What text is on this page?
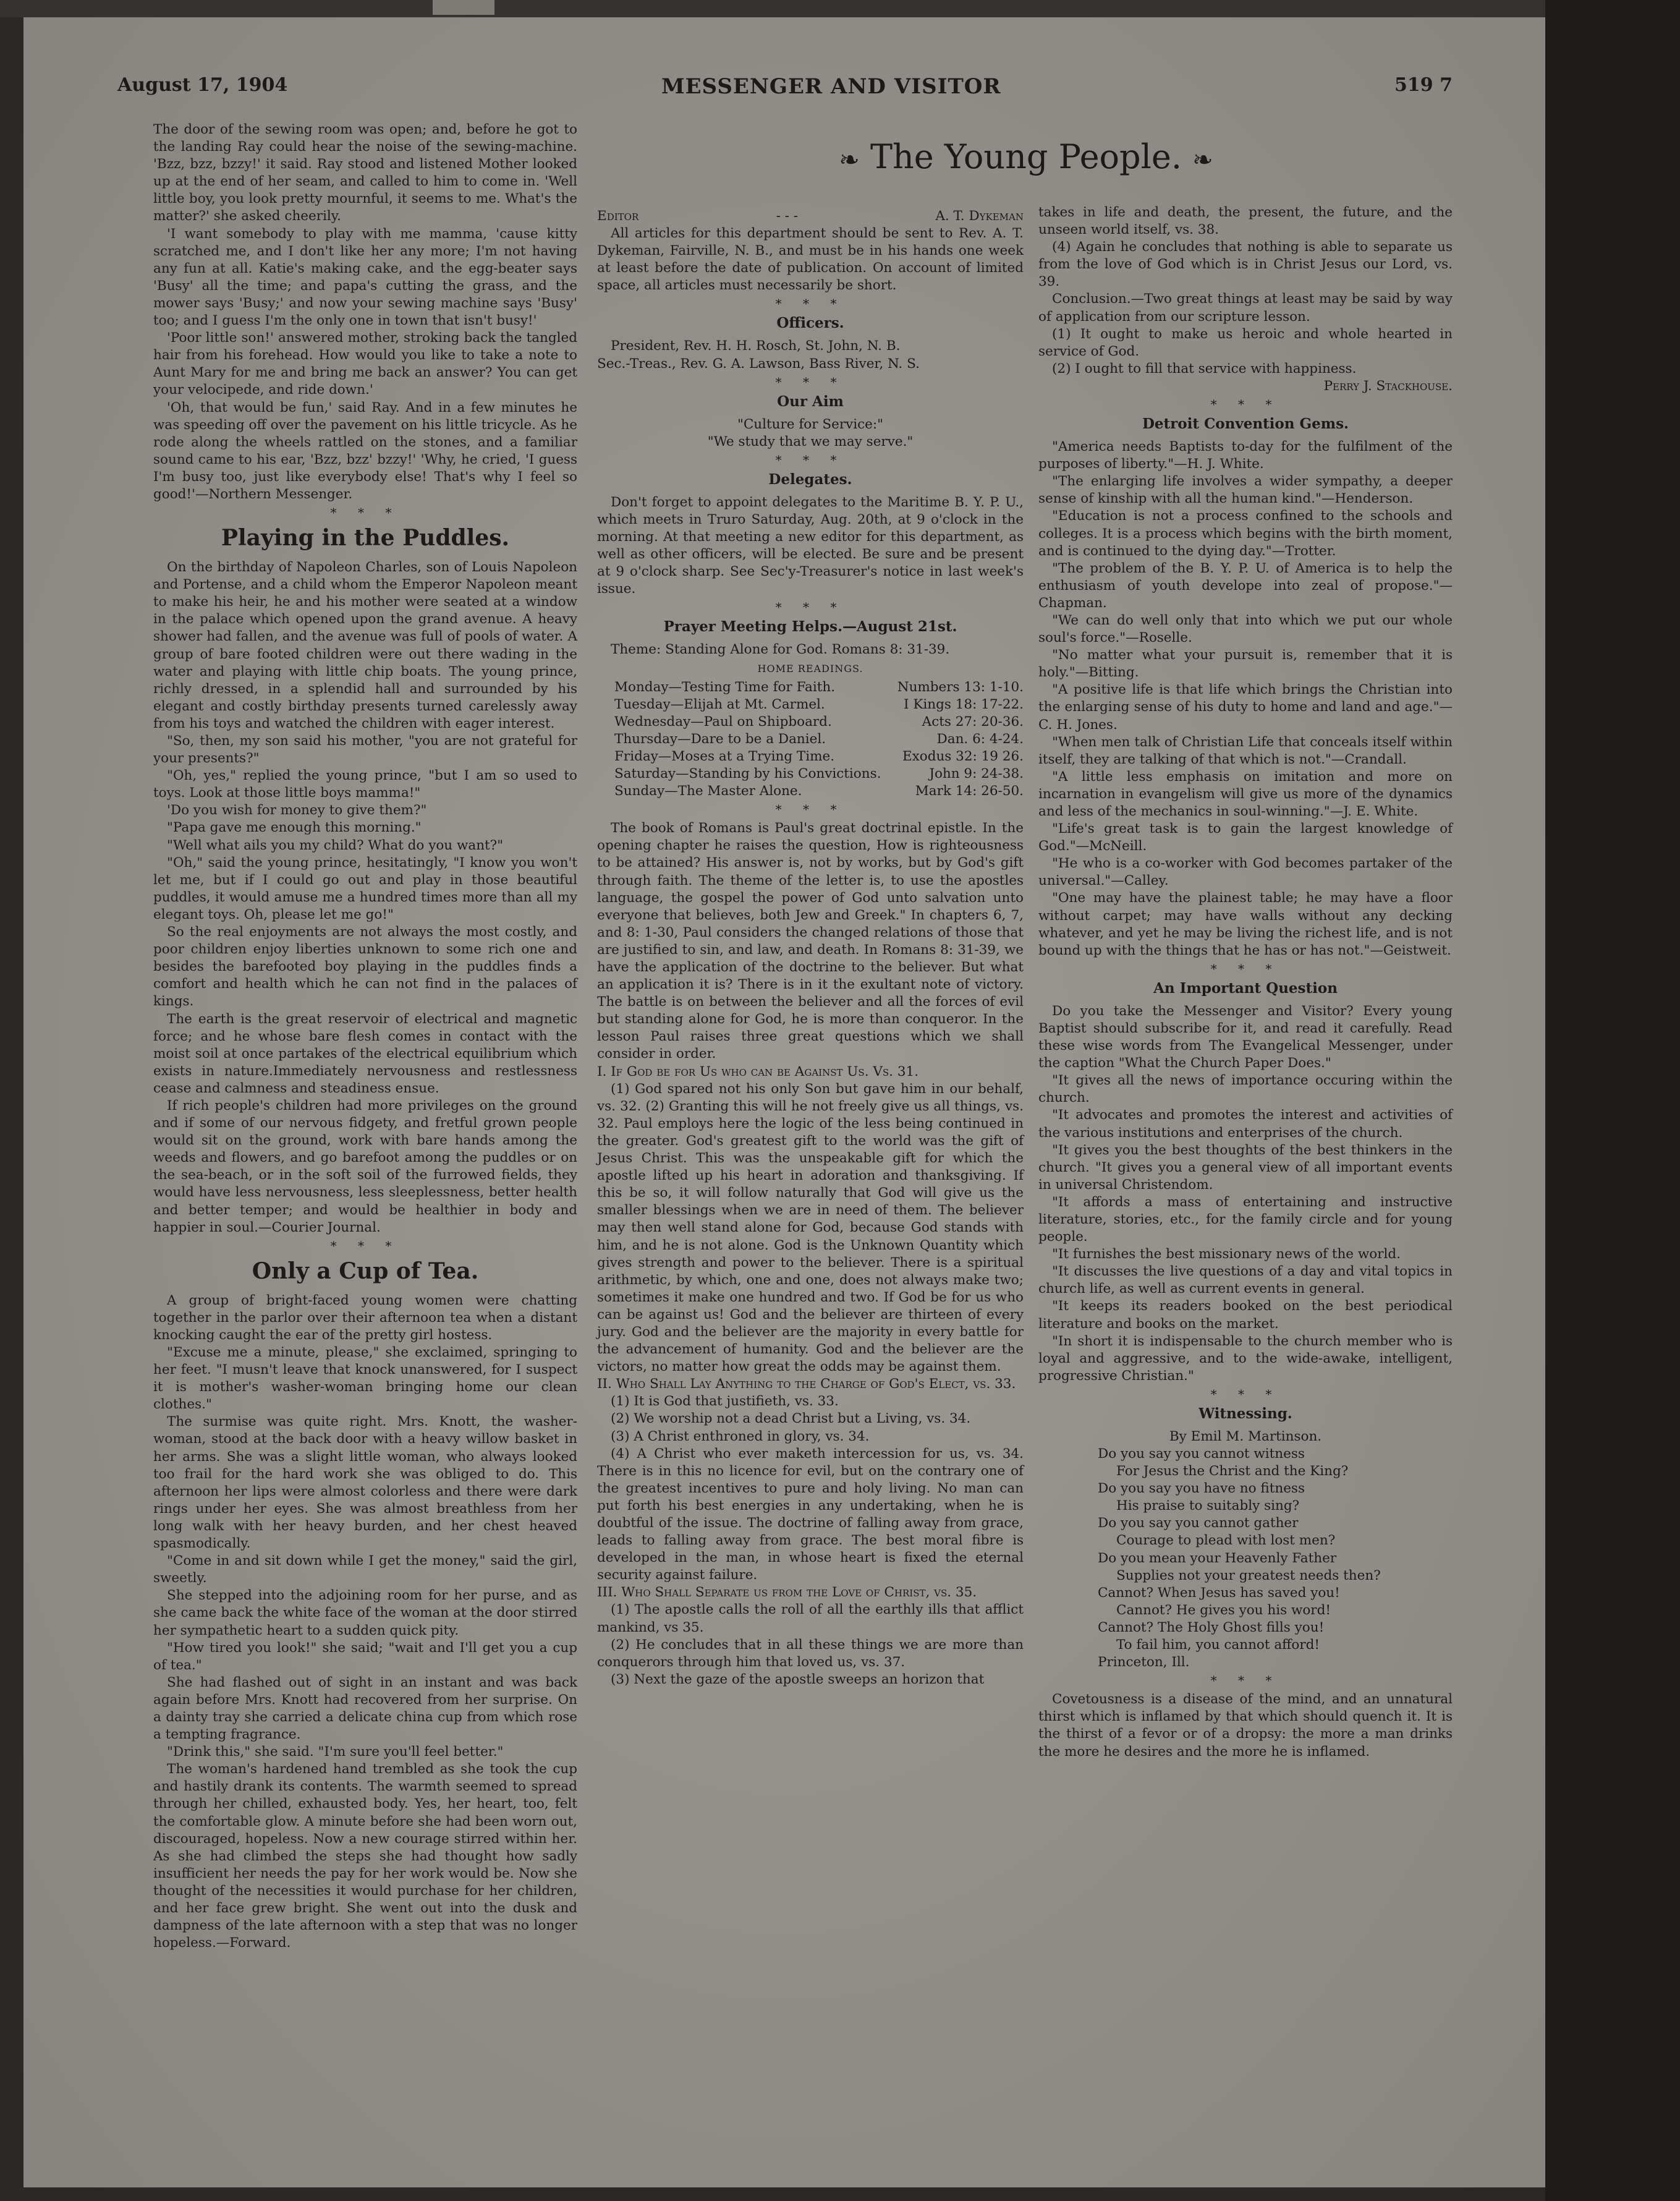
August 17, 1904	MESSENGER AND VISITOR	519 7
❧ The Young People. ❧

The door of the sewing room was open; and, before he got to the landing Ray could hear the noise of the sewing-machine. 'Bzz, bzz, bzzy!' it said. Ray stood and listened Mother looked up at the end of her seam, and called to him to come in. 'Well little boy, you look pretty mournful, it seems to me. What's the matter?' she asked cheerily.

'I want somebody to play with me mamma, 'cause kitty scratched me, and I don't like her any more; I'm not having any fun at all. Katie's making cake, and the egg-beater says 'Busy' all the time; and papa's cutting the grass, and the mower says 'Busy;' and now your sewing machine says 'Busy' too; and I guess I'm the only one in town that isn't busy!'

'Poor little son!' answered mother, stroking back the tangled hair from his forehead. How would you like to take a note to Aunt Mary for me and bring me back an answer? You can get your velocipede, and ride down.'

'Oh, that would be fun,' said Ray. And in a few minutes he was speeding off over the pavement on his little tricycle. As he rode along the wheels rattled on the stones, and a familiar sound came to his ear, 'Bzz, bzz' bzzy!' 'Why, he cried, 'I guess I'm busy too, just like everybody else! That's why I feel so good!'—Northern Messenger.

* * *
Playing in the Puddles.

On the birthday of Napoleon Charles, son of Louis Napoleon and Portense, and a child whom the Emperor Napoleon meant to make his heir, he and his mother were seated at a window in the palace which opened upon the grand avenue. A heavy shower had fallen, and the avenue was full of pools of water. A group of bare footed children were out there wading in the water and playing with little chip boats. The young prince, richly dressed, in a splendid hall and surrounded by his elegant and costly birthday presents turned carelessly away from his toys and watched the children with eager interest.

"So, then, my son said his mother, "you are not grateful for your presents?"

"Oh, yes," replied the young prince, "but I am so used to toys. Look at those little boys mamma!"

'Do you wish for money to give them?"

"Papa gave me enough this morning."

"Well what ails you my child? What do you want?"

"Oh," said the young prince, hesitatingly, "I know you won't let me, but if I could go out and play in those beautiful puddles, it would amuse me a hundred times more than all my elegant toys. Oh, please let me go!"

So the real enjoyments are not always the most costly, and poor children enjoy liberties unknown to some rich one and besides the barefooted boy playing in the puddles finds a comfort and health which he can not find in the palaces of kings.

The earth is the great reservoir of electrical and magnetic force; and he whose bare flesh comes in contact with the moist soil at once partakes of the electrical equilibrium which exists in nature.Immediately nervousness and restlessness cease and calmness and steadiness ensue.

If rich people's children had more privileges on the ground and if some of our nervous fidgety, and fretful grown people would sit on the ground, work with bare hands among the weeds and flowers, and go barefoot among the puddles or on the sea-beach, or in the soft soil of the furrowed fields, they would have less nervousness, less sleeplessness, better health and better temper; and would be healthier in body and happier in soul.—Courier Journal.

* * *
Only a Cup of Tea.

A group of bright-faced young women were chatting together in the parlor over their afternoon tea when a distant knocking caught the ear of the pretty girl hostess.

"Excuse me a minute, please," she exclaimed, springing to her feet. "I musn't leave that knock unanswered, for I suspect it is mother's washer-woman bringing home our clean clothes."

The surmise was quite right. Mrs. Knott, the washer-woman, stood at the back door with a heavy willow basket in her arms. She was a slight little woman, who always looked too frail for the hard work she was obliged to do. This afternoon her lips were almost colorless and there were dark rings under her eyes. She was almost breathless from her long walk with her heavy burden, and her chest heaved spasmodically.

"Come in and sit down while I get the money," said the girl, sweetly.

She stepped into the adjoining room for her purse, and as she came back the white face of the woman at the door stirred her sympathetic heart to a sudden quick pity.

"How tired you look!" she said; "wait and I'll get you a cup of tea."

She had flashed out of sight in an instant and was back again before Mrs. Knott had recovered from her surprise. On a dainty tray she carried a delicate china cup from which rose a tempting fragrance.

"Drink this," she said. "I'm sure you'll feel better."

The woman's hardened hand trembled as she took the cup and hastily drank its contents. The warmth seemed to spread through her chilled, exhausted body. Yes, her heart, too, felt the comfortable glow. A minute before she had been worn out, discouraged, hopeless. Now a new courage stirred within her. As she had climbed the steps she had thought how sadly insufficient her needs the pay for her work would be. Now she thought of the necessities it would purchase for her children, and her face grew bright. She went out into the dusk and dampness of the late afternoon with a step that was no longer hopeless.—Forward.

Editor	- - -	A. T. Dykeman

All articles for this department should be sent to Rev. A. T. Dykeman, Fairville, N. B., and must be in his hands one week at least before the date of publication. On account of limited space, all articles must necessarily be short.

* * *
Officers.

President, Rev. H. H. Rosch, St. John, N. B.

Sec.-Treas., Rev. G. A. Lawson, Bass River, N. S.

* * *
Our Aim
"Culture for Service:"
"We study that we may serve."
* * *
Delegates.

Don't forget to appoint delegates to the Maritime B. Y. P. U., which meets in Truro Saturday, Aug. 20th, at 9 o'clock in the morning. At that meeting a new editor for this department, as well as other officers, will be elected. Be sure and be present at 9 o'clock sharp. See Sec'y-Treasurer's notice in last week's issue.

* * *
Prayer Meeting Helps.—August 21st.

Theme: Standing Alone for God. Romans 8: 31-39.

HOME READINGS.
Monday—Testing Time for Faith.	Numbers 13: 1-10.
Tuesday—Elijah at Mt. Carmel.	I Kings 18: 17-22.
Wednesday—Paul on Shipboard.	Acts 27: 20-36.
Thursday—Dare to be a Daniel.	Dan. 6: 4-24.
Friday—Moses at a Trying Time.	Exodus 32: 19 26.
Saturday—Standing by his Convictions.	John 9: 24-38.
Sunday—The Master Alone.	Mark 14: 26-50.
* * *

The book of Romans is Paul's great doctrinal epistle. In the opening chapter he raises the question, How is righteousness to be attained? His answer is, not by works, but by God's gift through faith. The theme of the letter is, to use the apostles language, the gospel the power of God unto salvation unto everyone that believes, both Jew and Greek." In chapters 6, 7, and 8: 1-30, Paul considers the changed relations of those that are justified to sin, and law, and death. In Romans 8: 31-39, we have the application of the doctrine to the believer. But what an application it is? There is in it the exultant note of victory. The battle is on between the believer and all the forces of evil but standing alone for God, he is more than conqueror. In the lesson Paul raises three great questions which we shall consider in order.

I. If God be for Us who can be Against Us. Vs. 31.

(1) God spared not his only Son but gave him in our behalf, vs. 32. (2) Granting this will he not freely give us all things, vs. 32. Paul employs here the logic of the less being continued in the greater. God's greatest gift to the world was the gift of Jesus Christ. This was the unspeakable gift for which the apostle lifted up his heart in adoration and thanksgiving. If this be so, it will follow naturally that God will give us the smaller blessings when we are in need of them. The believer may then well stand alone for God, because God stands with him, and he is not alone. God is the Unknown Quantity which gives strength and power to the believer. There is a spiritual arithmetic, by which, one and one, does not always make two; sometimes it make one hundred and two. If God be for us who can be against us! God and the believer are thirteen of every jury. God and the believer are the majority in every battle for the advancement of humanity. God and the believer are the victors, no matter how great the odds may be against them.

II. Who Shall Lay Anything to the Charge of God's Elect, vs. 33.

(1) It is God that justifieth, vs. 33.

(2) We worship not a dead Christ but a Living, vs. 34.

(3) A Christ enthroned in glory, vs. 34.

(4) A Christ who ever maketh intercession for us, vs. 34. There is in this no licence for evil, but on the contrary one of the greatest incentives to pure and holy living. No man can put forth his best energies in any undertaking, when he is doubtful of the issue. The doctrine of falling away from grace, leads to falling away from grace. The best moral fibre is developed in the man, in whose heart is fixed the eternal security against failure.

III. Who Shall Separate us from the Love of Christ, vs. 35.

(1) The apostle calls the roll of all the earthly ills that afflict mankind, vs 35.

(2) He concludes that in all these things we are more than conquerors through him that loved us, vs. 37.

(3) Next the gaze of the apostle sweeps an horizon that

takes in life and death, the present, the future, and the unseen world itself, vs. 38.

(4) Again he concludes that nothing is able to separate us from the love of God which is in Christ Jesus our Lord, vs. 39.

Conclusion.—Two great things at least may be said by way of application from our scripture lesson.

(1) It ought to make us heroic and whole hearted in service of God.

(2) I ought to fill that service with happiness.

Perry J. Stackhouse.
* * *
Detroit Convention Gems.

"America needs Baptists to-day for the fulfilment of the purposes of liberty."—H. J. White.

"The enlarging life involves a wider sympathy, a deeper sense of kinship with all the human kind."—Henderson.

"Education is not a process confined to the schools and colleges. It is a process which begins with the birth moment, and is continued to the dying day."—Trotter.

"The problem of the B. Y. P. U. of America is to help the enthusiasm of youth develope into zeal of propose."—Chapman.

"We can do well only that into which we put our whole soul's force."—Roselle.

"No matter what your pursuit is, remember that it is holy."—Bitting.

"A positive life is that life which brings the Christian into the enlarging sense of his duty to home and land and age."—C. H. Jones.

"When men talk of Christian Life that conceals itself within itself, they are talking of that which is not."—Crandall.

"A little less emphasis on imitation and more on incarnation in evangelism will give us more of the dynamics and less of the mechanics in soul-winning."—J. E. White.

"Life's great task is to gain the largest knowledge of God."—McNeill.

"He who is a co-worker with God becomes partaker of the universal."—Calley.

"One may have the plainest table; he may have a floor without carpet; may have walls without any decking whatever, and yet he may be living the richest life, and is not bound up with the things that he has or has not."—Geistweit.

* * *
An Important Question

Do you take the Messenger and Visitor? Every young Baptist should subscribe for it, and read it carefully. Read these wise words from The Evangelical Messenger, under the caption "What the Church Paper Does."

"It gives all the news of importance occuring within the church.

"It advocates and promotes the interest and activities of the various institutions and enterprises of the church.

"It gives you the best thoughts of the best thinkers in the church. "It gives you a general view of all important events in universal Christendom.

"It affords a mass of entertaining and instructive literature, stories, etc., for the family circle and for young people.

"It furnishes the best missionary news of the world.

"It discusses the live questions of a day and vital topics in church life, as well as current events in general.

"It keeps its readers booked on the best periodical literature and books on the market.

"In short it is indispensable to the church member who is loyal and aggressive, and to the wide-awake, intelligent, progressive Christian."

* * *
Witnessing.
By Emil M. Martinson.
Do you say you cannot witness
For Jesus the Christ and the King?
Do you say you have no fitness
His praise to suitably sing?
Do you say you cannot gather
Courage to plead with lost men?
Do you mean your Heavenly Father
Supplies not your greatest needs then?
Cannot? When Jesus has saved you!
Cannot? He gives you his word!
Cannot? The Holy Ghost fills you!
To fail him, you cannot afford!
Princeton, Ill.
* * *

Covetousness is a disease of the mind, and an unnatural thirst which is inflamed by that which should quench it. It is the thirst of a fevor or of a dropsy: the more a man drinks the more he desires and the more he is inflamed.
